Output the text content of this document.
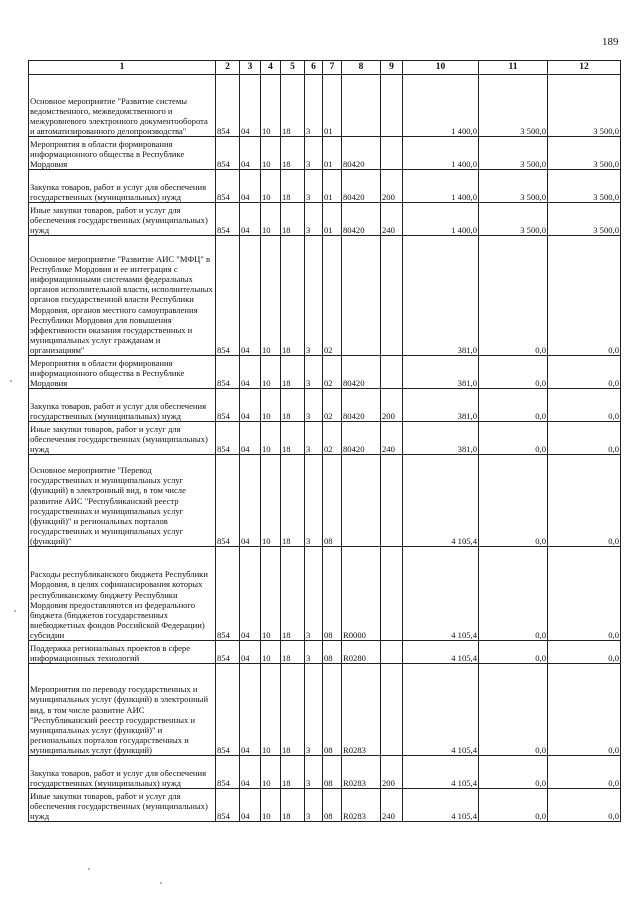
189
1	2	3	4	5	6	7	8	9	10	11	12
Основное мероприятие "Развитие системы ведомственного, межведомственного и межуровневого электронного документооборота и автоматизированного делопроизводства"	854	04	10	18	3	01			1 400,0	3 500,0	3 500,0
Мероприятия в области формирования информационного общества в Республике Мордовия	854	04	10	18	3	01	80420		1 400,0	3 500,0	3 500,0
Закупка товаров, работ и услуг для обеспечения государственных (муниципальных) нужд	854	04	10	18	3	01	80420	200	1 400,0	3 500,0	3 500,0
Иные закупки товаров, работ и услуг для обеспечения государственных (муниципальных) нужд	854	04	10	18	3	01	80420	240	1 400,0	3 500,0	3 500,0
Основное мероприятие "Развитие АИС "МФЦ" в Республике Мордовия и ее интеграция с информационными системами федеральных органов исполнительной власти, исполнительных органов государственной власти Республики Мордовия, органов местного самоуправления Республики Мордовия для повышения эффективности оказания государственных и муниципальных услуг гражданам и организациям"	854	04	10	18	3	02			381,0	0,0	0,0
Мероприятия в области формирования информационного общества в Республике Мордовия	854	04	10	18	3	02	80420		381,0	0,0	0,0
Закупка товаров, работ и услуг для обеспечения государственных (муниципальных) нужд	854	04	10	18	3	02	80420	200	381,0	0,0	0,0
Иные закупки товаров, работ и услуг для обеспечения государственных (муниципальных) нужд	854	04	10	18	3	02	80420	240	381,0	0,0	0,0
Основное мероприятие "Перевод государственных и муниципальных услуг (функций) в электронный вид, в том числе развитие АИС "Республиканский реестр государственных и муниципальных услуг (функций)" и региональных порталов государственных и муниципальных услуг (функций)"	854	04	10	18	3	08			4 105,4	0,0	0,0
Расходы республиканского бюджета Республики Мордовия, в целях софинансирования которых республиканскому бюджету Республики Мордовия предоставляются из федерального бюджета (бюджетов государственных внебюджетных фондов Российской Федерации) субсидии	854	04	10	18	3	08	R0000		4 105,4	0,0	0,0
Поддержка региональных проектов в сфере информационных технологий	854	04	10	18	3	08	R0280		4 105,4	0,0	0,0
Мероприятия по переводу государственных и муниципальных услуг (функций) в электронный вид, в том числе развитие АИС "Республиканский реестр государственных и муниципальных услуг (функций)" и региональных порталов государственных и муниципальных услуг (функций)	854	04	10	18	3	08	R0283		4 105,4	0,0	0,0
Закупка товаров, работ и услуг для обеспечения государственных (муниципальных) нужд	854	04	10	18	3	08	R0283	200	4 105,4	0,0	0,0
Иные закупки товаров, работ и услуг для обеспечения государственных (муниципальных) нужд	854	04	10	18	3	08	R0283	240	4 105,4	0,0	0,0
